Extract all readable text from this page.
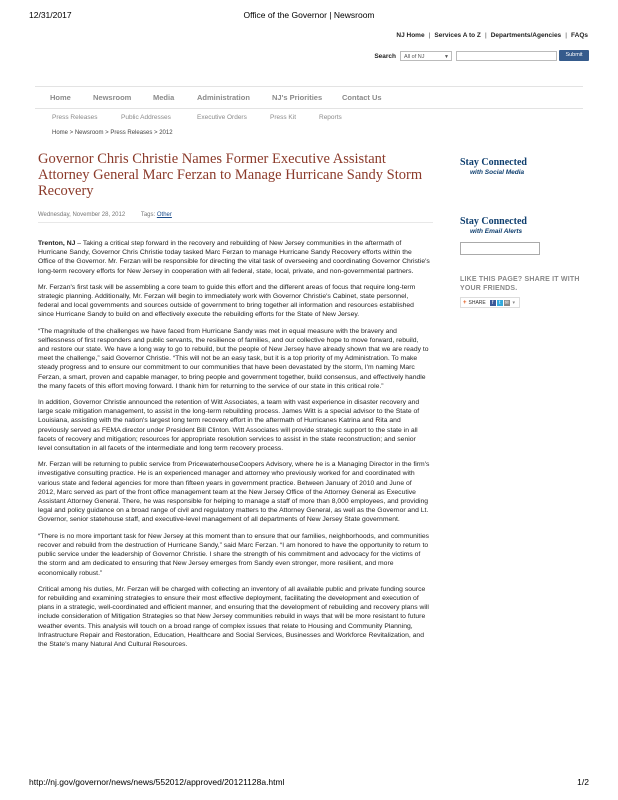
12/31/2017	Office of the Governor | Newsroom
NJ Home | Services A to Z | Departments/Agencies | FAQs
Search	All of NJ	▼	Submit
Home	Newsroom	Media	Administration	NJ's Priorities	Contact Us
Press Releases	Public Addresses	Executive Orders	Press Kit	Reports
Home > Newsroom > Press Releases > 2012
Governor Chris Christie Names Former Executive Assistant Attorney General Marc Ferzan to Manage Hurricane Sandy Storm Recovery
Wednesday, November 28, 2012	Tags: Other

Trenton, NJ – Taking a critical step forward in the recovery and rebuilding of New Jersey communities in the aftermath of Hurricane Sandy, Governor Chris Christie today tasked Marc Ferzan to manage Hurricane Sandy Recovery efforts within the Office of the Governor. Mr. Ferzan will be responsible for directing the vital task of overseeing and coordinating Governor Christie's long-term recovery efforts for New Jersey in cooperation with all federal, state, local, private, and non-governmental partners.

Mr. Ferzan's first task will be assembling a core team to guide this effort and the different areas of focus that require long-term strategic planning. Additionally, Mr. Ferzan will begin to immediately work with Governor Christie's Cabinet, state personnel, federal and local governments and sources outside of government to bring together all information and resources established since Hurricane Sandy to build on and effectively execute the rebuilding efforts for the State of New Jersey.

“The magnitude of the challenges we have faced from Hurricane Sandy was met in equal measure with the bravery and selflessness of first responders and public servants, the resilience of families, and our collective hope to move forward, rebuild, and restore our state. We have a long way to go to rebuild, but the people of New Jersey have already shown that we are ready to meet the challenge,” said Governor Christie. “This will not be an easy task, but it is a top priority of my Administration. To make steady progress and to ensure our commitment to our communities that have been devastated by the storm, I'm naming Marc Ferzan, a smart, proven and capable manager, to bring people and government together, build consensus, and effectively handle the many facets of this effort moving forward. I thank him for returning to the service of our state in this critical role.”

In addition, Governor Christie announced the retention of Witt Associates, a team with vast experience in disaster recovery and large scale mitigation management, to assist in the long-term rebuilding process. James Witt is a special advisor to the State of Louisiana, assisting with the nation's largest long term recovery effort in the aftermath of Hurricanes Katrina and Rita and previously served as FEMA director under President Bill Clinton. Witt Associates will provide strategic support to the state in all facets of recovery and mitigation; resources for appropriate resolution services to assist in the state reconstruction; and senior level consultation in all facets of the intermediate and long term recovery process.

Mr. Ferzan will be returning to public service from PricewaterhouseCoopers Advisory, where he is a Managing Director in the firm's investigative consulting practice. He is an experienced manager and attorney who previously worked for and coordinated with various state and federal agencies for more than fifteen years in government practice. Between January of 2010 and June of 2012, Marc served as part of the front office management team at the New Jersey Office of the Attorney General as Executive Assistant Attorney General. There, he was responsible for helping to manage a staff of more than 8,000 employees, and providing legal and policy guidance on a broad range of civil and regulatory matters to the Attorney General, as well as the Governor and Lt. Governor, senior statehouse staff, and executive-level management of all departments of New Jersey State government.

“There is no more important task for New Jersey at this moment than to ensure that our families, neighborhoods, and communities recover and rebuild from the destruction of Hurricane Sandy,” said Marc Ferzan. “I am honored to have the opportunity to return to public service under the leadership of Governor Christie. I share the strength of his commitment and advocacy for the victims of the storm and am dedicated to ensuring that New Jersey emerges from Sandy even stronger, more resilient, and more economically robust.”

Critical among his duties, Mr. Ferzan will be charged with collecting an inventory of all available public and private funding source for rebuilding and examining strategies to ensure their most effective deployment, facilitating the development and execution of plans in a strategic, well-coordinated and efficient manner, and ensuring that the development of rebuilding and recovery plans will include consideration of Mitigation Strategies so that New Jersey communities rebuild in ways that will be more resistant to future weather events. This analysis will touch on a broad range of complex issues that relate to Housing and Community Planning, Infrastructure Repair and Restoration, Education, Healthcare and Social Services, Businesses and Workforce Revitalization, and the State's many Natural And Cultural Resources.

Stay Connected
with Social Media
Stay Connected
with Email Alerts
LIKE THIS PAGE? SHARE IT WITH YOUR FRIENDS.
+ SHARE	f	t ✉ ▾
http://nj.gov/governor/news/news/552012/approved/20121128a.html	1/2
